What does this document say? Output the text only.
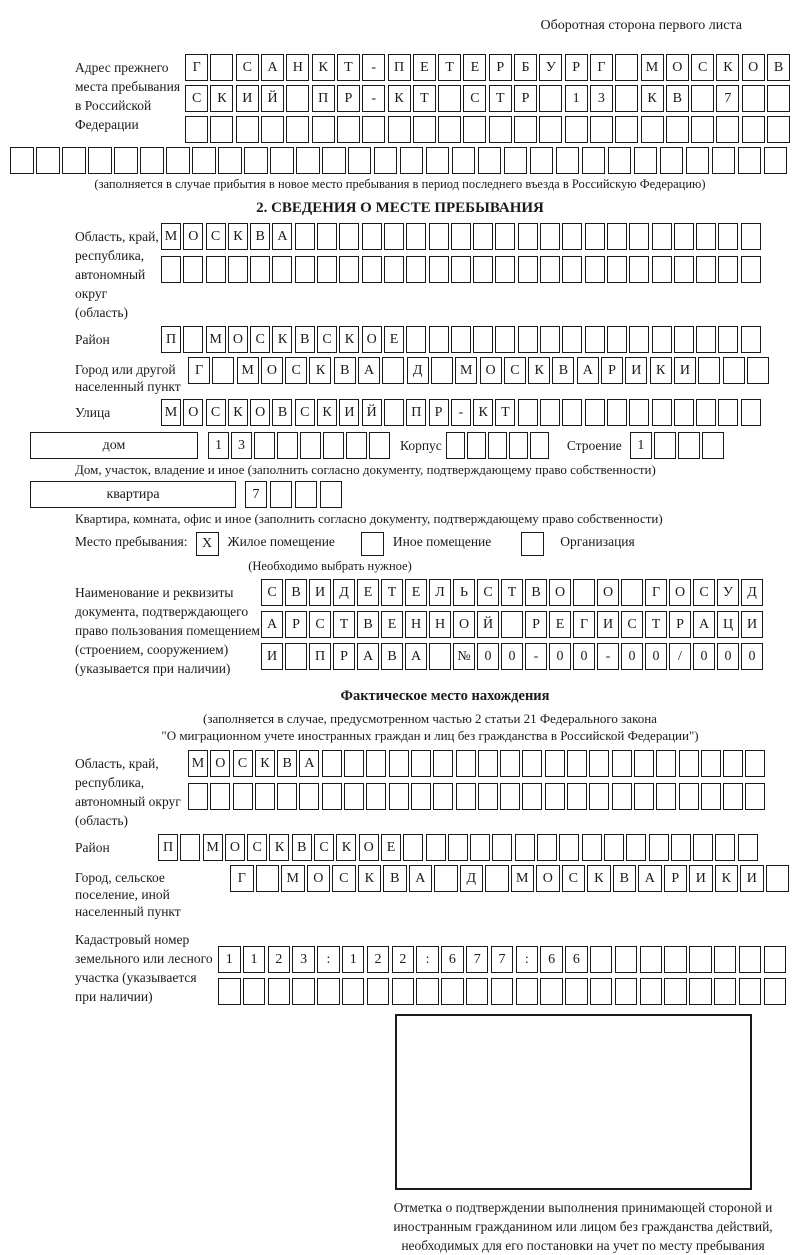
Оборотная сторона первого листа
Адрес прежнего места пребывания в Российской Федерации
Г	С	А	Н	К	Т	-	П	Е	Т	Е	Р	Б	У	Р	Г	М	О	С	К	О	В
С	К	И	Й	П	Р	-	К	Т	С	Т	Р	1	3	К	В	7

(заполняется в случае прибытия в новое место пребывания в период последнего въезда в Российскую Федерацию)

2. СВЕДЕНИЯ О МЕСТЕ ПРЕБЫВАНИЯ
Область, край, республика, автономный округ (область)
М О С К В А
Район	П	М О С К В С К О Е
Город или другой населенный пункт
Г	М О	С	К	В	А	Д	М О	С	К	В	А	Р	И	К	И
Улица	М О С К О В С К И Й	П Р	-	К Т
дом	1	3	Корпус	Строение	1

Дом, участок, владение и иное (заполнить согласно документу, подтверждающему право собственности)

квартира	7

Квартира, комната, офис и иное (заполнить согласно документу, подтверждающему право собственности)

Место пребывания:	X	Жилое помещение	Иное помещение	Организация

(Необходимо выбрать нужное)

Наименование и реквизиты документа, подтверждающего право пользования помещением (строением, сооружением) (указывается при наличии)
С	В	И	Д	Е	Т	Е	Л	Ь	С	Т	В	О	О	Г	О	С	У	Д
А	Р	С	Т	В	Е	Н Н О Й	Р	Е	Г	И	С	Т	Р	А Ц И
И	П	Р	А	В	А	№ 0	0	-	0	0	-	0	0	/	0	0	0
Фактическое место нахождения

(заполняется в случае, предусмотренном частью 2 статьи 21 Федерального закона

"О миграционном учете иностранных граждан и лиц без гражданства в Российской Федерации")

Область, край, республика, автономный округ (область)
М О С К В А
Район	П	М О С К В С К О Е
Город, сельское поселение, иной населенный пункт
Г	М	О	С	К	В	А	Д	М	О	С	К	В	А	Р	И	К	И
Кадастровый номер земельного или лесного участка (указывается при наличии)
1	1	2	3	:	1	2	2	:	6	7	7	:	6	6

Отметка о подтверждении выполнения принимающей стороной и иностранным гражданином или лицом без гражданства действий, необходимых для его постановки на учет по месту пребывания
